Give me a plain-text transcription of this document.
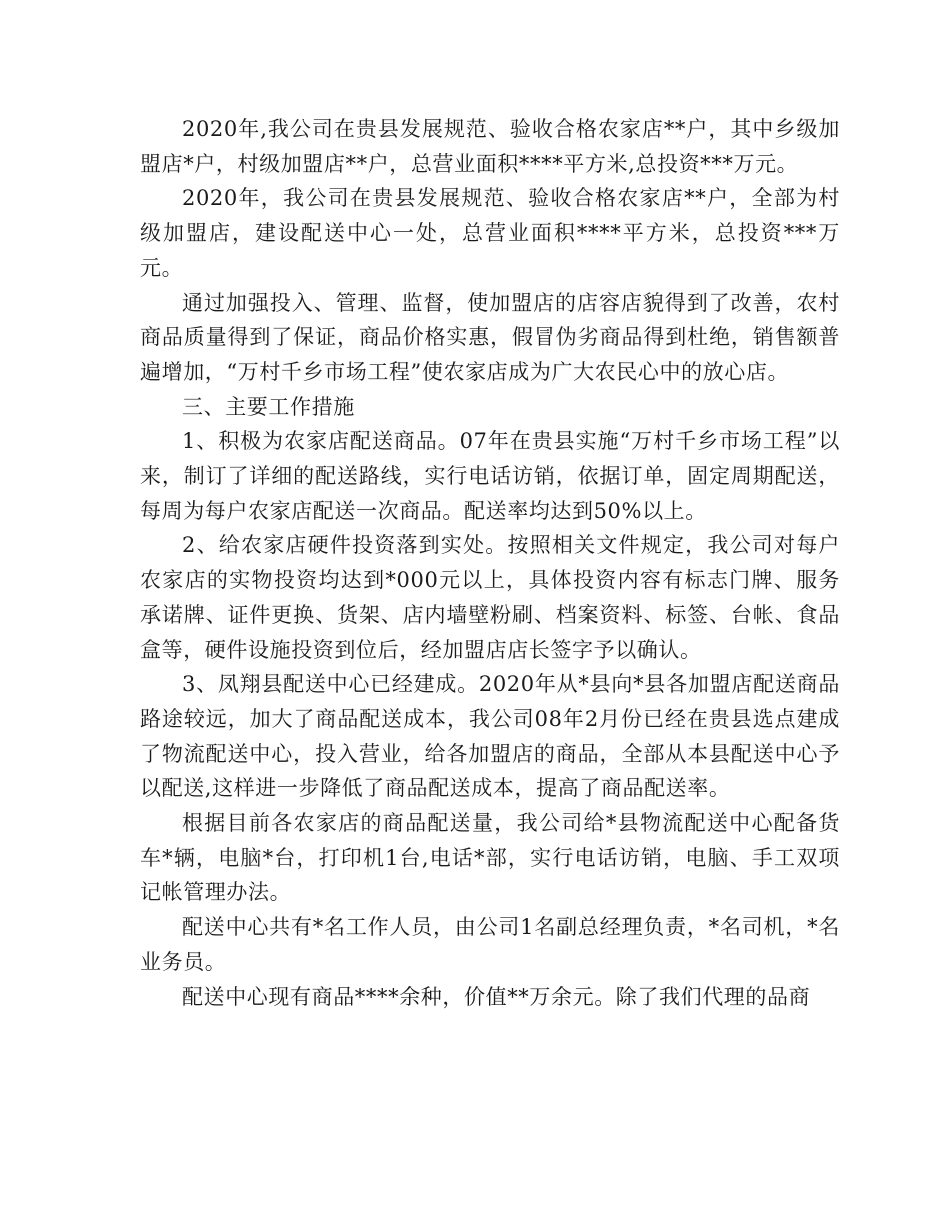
2020年,我公司在贵县发展规范、验收合格农家店**户，其中乡级加盟店*户，村级加盟店**户，总营业面积****平方米,总投资***万元。

2020年，我公司在贵县发展规范、验收合格农家店**户，全部为村级加盟店，建设配送中心一处，总营业面积****平方米，总投资***万元。

通过加强投入、管理、监督，使加盟店的店容店貌得到了改善，农村商品质量得到了保证，商品价格实惠，假冒伪劣商品得到杜绝，销售额普遍增加，“万村千乡市场工程”使农家店成为广大农民心中的放心店。

三、主要工作措施

1、积极为农家店配送商品。07年在贵县实施“万村千乡市场工程”以来，制订了详细的配送路线，实行电话访销，依据订单，固定周期配送，每周为每户农家店配送一次商品。配送率均达到50%以上。

2、给农家店硬件投资落到实处。按照相关文件规定，我公司对每户农家店的实物投资均达到*000元以上，具体投资内容有标志门牌、服务承诺牌、证件更换、货架、店内墙壁粉刷、档案资料、标签、台帐、食品盒等，硬件设施投资到位后，经加盟店店长签字予以确认。

3、凤翔县配送中心已经建成。2020年从*县向*县各加盟店配送商品路途较远，加大了商品配送成本，我公司08年2月份已经在贵县选点建成了物流配送中心，投入营业，给各加盟店的商品，全部从本县配送中心予以配送,这样进一步降低了商品配送成本，提高了商品配送率。

根据目前各农家店的商品配送量，我公司给*县物流配送中心配备货车*辆，电脑*台，打印机1台,电话*部，实行电话访销，电脑、手工双项记帐管理办法。

配送中心共有*名工作人员，由公司1名副总经理负责，*名司机，*名业务员。

配送中心现有商品****余种，价值**万余元。除了我们代理的品商
